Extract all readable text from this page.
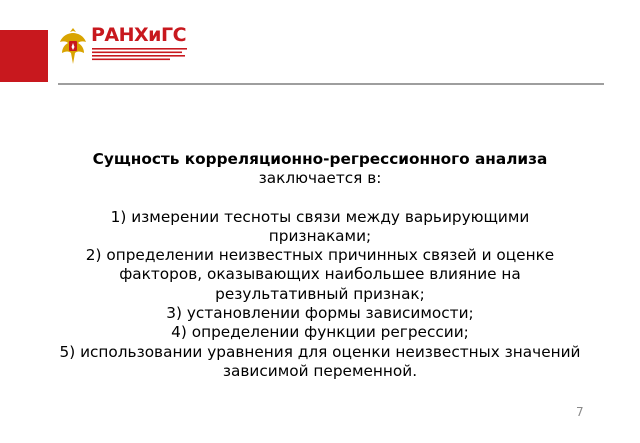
РАНХиГС

Сущность корреляционно-регрессионного анализа заключается в:

1) измерении тесноты связи между варьирующими признаками;

2) определении неизвестных причинных связей и оценке факторов, оказывающих наибольшее влияние на результативный признак;

3) установлении формы зависимости;

4) определении функции регрессии;

5) использовании уравнения для оценки неизвестных значений зависимой переменной.

7
